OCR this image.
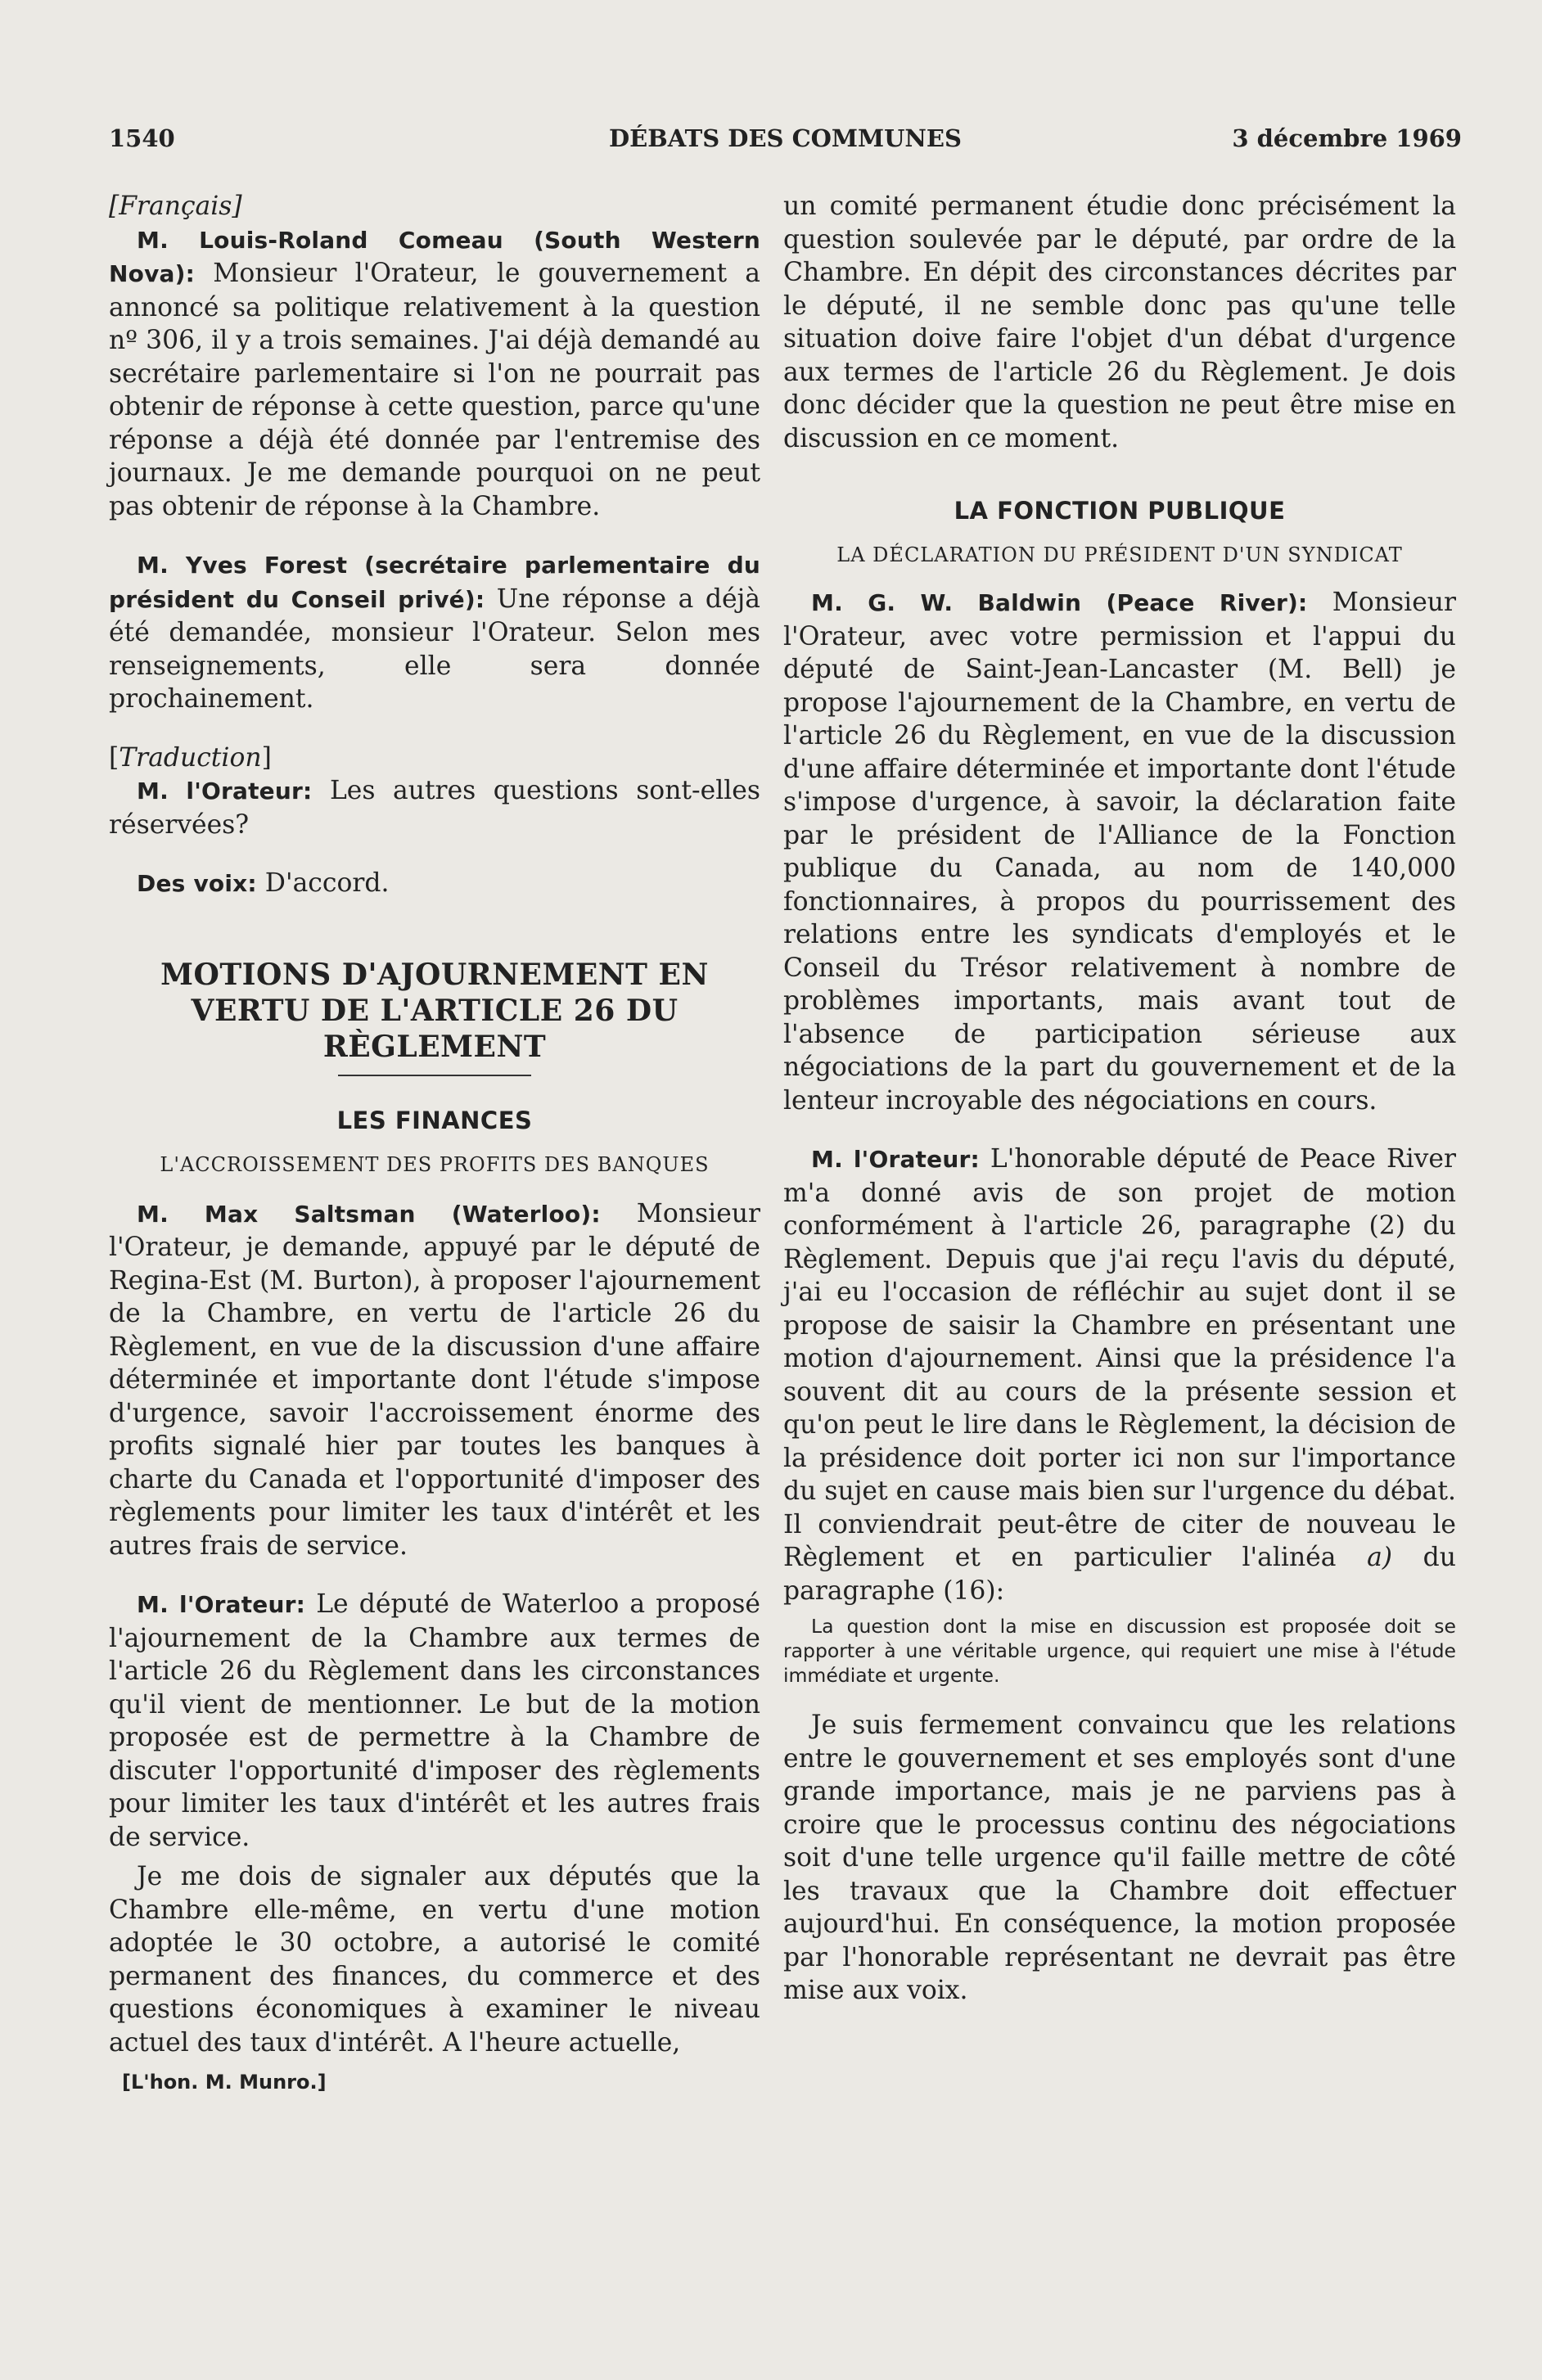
1540	DÉBATS DES COMMUNES	3 décembre 1969
[Français]

M. Louis-Roland Comeau (South Western Nova): Monsieur l'Orateur, le gouvernement a annoncé sa politique relativement à la question nº 306, il y a trois semaines. J'ai déjà demandé au secrétaire parlementaire si l'on ne pourrait pas obtenir de réponse à cette question, parce qu'une réponse a déjà été donnée par l'entremise des journaux. Je me demande pourquoi on ne peut pas obtenir de réponse à la Chambre.

M. Yves Forest (secrétaire parlementaire du président du Conseil privé): Une réponse a déjà été demandée, monsieur l'Orateur. Selon mes renseignements, elle sera donnée prochainement.

[Traduction]

M. l'Orateur: Les autres questions sont-elles réservées?

Des voix: D'accord.

MOTIONS D'AJOURNEMENT EN VERTU DE L'ARTICLE 26 DU RÈGLEMENT
LES FINANCES
L'ACCROISSEMENT DES PROFITS DES BANQUES

M. Max Saltsman (Waterloo): Monsieur l'Orateur, je demande, appuyé par le député de Regina-Est (M. Burton), à proposer l'ajournement de la Chambre, en vertu de l'article 26 du Règlement, en vue de la discussion d'une affaire déterminée et importante dont l'étude s'impose d'urgence, savoir l'accroissement énorme des profits signalé hier par toutes les banques à charte du Canada et l'opportunité d'imposer des règlements pour limiter les taux d'intérêt et les autres frais de service.

M. l'Orateur: Le député de Waterloo a proposé l'ajournement de la Chambre aux termes de l'article 26 du Règlement dans les circonstances qu'il vient de mentionner. Le but de la motion proposée est de permettre à la Chambre de discuter l'opportunité d'imposer des règlements pour limiter les taux d'intérêt et les autres frais de service.

Je me dois de signaler aux députés que la Chambre elle-même, en vertu d'une motion adoptée le 30 octobre, a autorisé le comité permanent des finances, du commerce et des questions économiques à examiner le niveau actuel des taux d'intérêt. A l'heure actuelle,

[L'hon. M. Munro.]

un comité permanent étudie donc précisément la question soulevée par le député, par ordre de la Chambre. En dépit des circonstances décrites par le député, il ne semble donc pas qu'une telle situation doive faire l'objet d'un débat d'urgence aux termes de l'article 26 du Règlement. Je dois donc décider que la question ne peut être mise en discussion en ce moment.

LA FONCTION PUBLIQUE
LA DÉCLARATION DU PRÉSIDENT D'UN SYNDICAT

M. G. W. Baldwin (Peace River): Monsieur l'Orateur, avec votre permission et l'appui du député de Saint-Jean-Lancaster (M. Bell) je propose l'ajournement de la Chambre, en vertu de l'article 26 du Règlement, en vue de la discussion d'une affaire déterminée et importante dont l'étude s'impose d'urgence, à savoir, la déclaration faite par le président de l'Alliance de la Fonction publique du Canada, au nom de 140,000 fonctionnaires, à propos du pourrissement des relations entre les syndicats d'employés et le Conseil du Trésor relativement à nombre de problèmes importants, mais avant tout de l'absence de participation sérieuse aux négociations de la part du gouvernement et de la lenteur incroyable des négociations en cours.

M. l'Orateur: L'honorable député de Peace River m'a donné avis de son projet de motion conformément à l'article 26, paragraphe (2) du Règlement. Depuis que j'ai reçu l'avis du député, j'ai eu l'occasion de réfléchir au sujet dont il se propose de saisir la Chambre en présentant une motion d'ajournement. Ainsi que la présidence l'a souvent dit au cours de la présente session et qu'on peut le lire dans le Règlement, la décision de la présidence doit porter ici non sur l'importance du sujet en cause mais bien sur l'urgence du débat. Il conviendrait peut-être de citer de nouveau le Règlement et en particulier l'alinéa a) du paragraphe (16):

La question dont la mise en discussion est proposée doit se rapporter à une véritable urgence, qui requiert une mise à l'étude immédiate et urgente.

Je suis fermement convaincu que les relations entre le gouvernement et ses employés sont d'une grande importance, mais je ne parviens pas à croire que le processus continu des négociations soit d'une telle urgence qu'il faille mettre de côté les travaux que la Chambre doit effectuer aujourd'hui. En conséquence, la motion proposée par l'honorable représentant ne devrait pas être mise aux voix.
